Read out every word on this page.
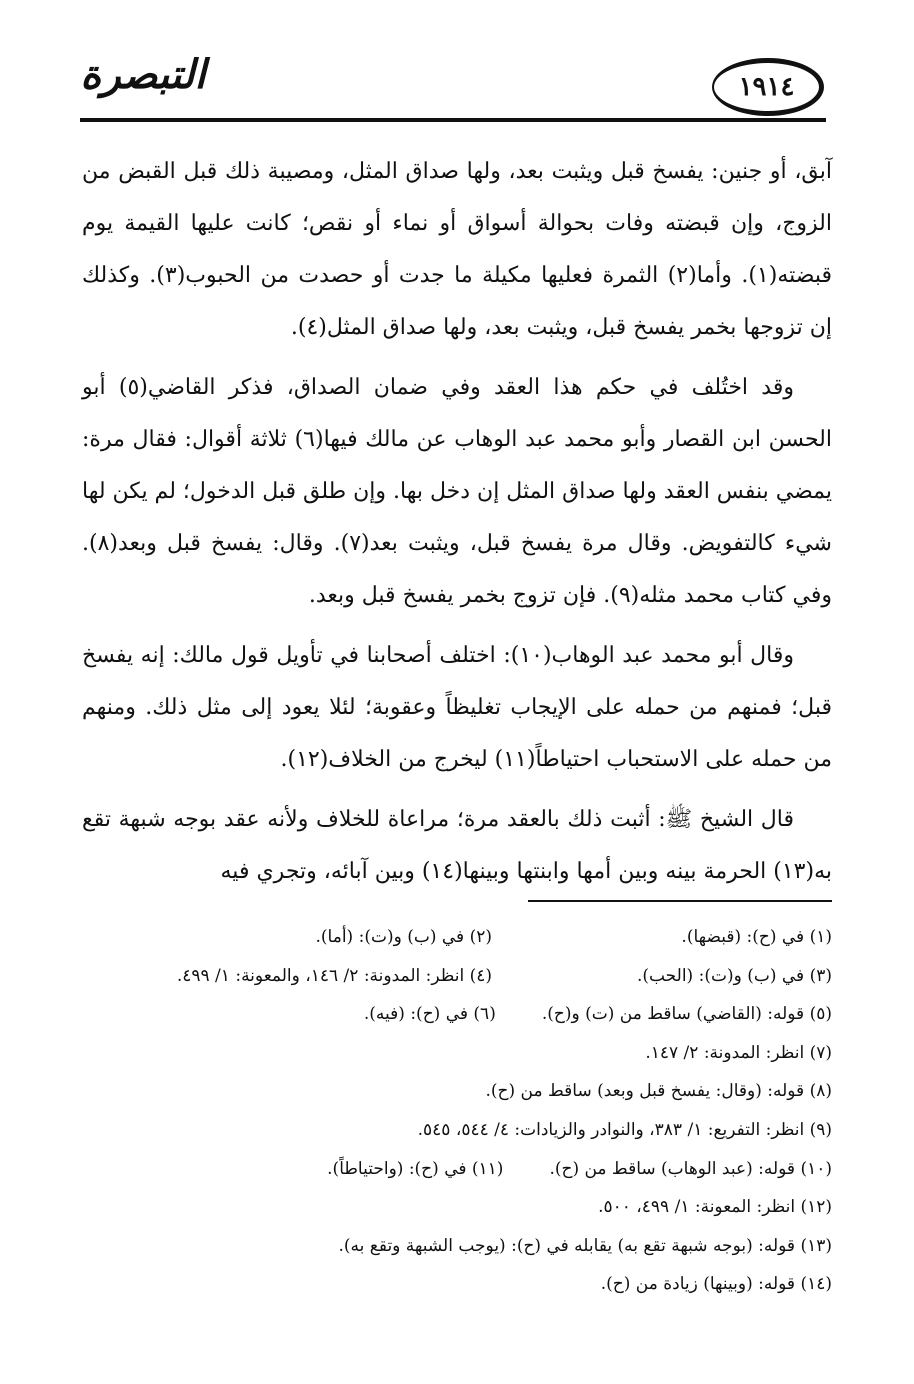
١٩١٤
التبصرة

آبق، أو جنين: يفسخ قبل ويثبت بعد، ولها صداق المثل، ومصيبة ذلك قبل القبض من الزوج، وإن قبضته وفات بحوالة أسواق أو نماء أو نقص؛ كانت عليها القيمة يوم قبضته(١). وأما(٢) الثمرة فعليها مكيلة ما جدت أو حصدت من الحبوب(٣). وكذلك إن تزوجها بخمر يفسخ قبل، ويثبت بعد، ولها صداق المثل(٤).

وقد اختُلف في حكم هذا العقد وفي ضمان الصداق، فذكر القاضي(٥) أبو الحسن ابن القصار وأبو محمد عبد الوهاب عن مالك فيها(٦) ثلاثة أقوال: فقال مرة: يمضي بنفس العقد ولها صداق المثل إن دخل بها. وإن طلق قبل الدخول؛ لم يكن لها شيء كالتفويض. وقال مرة يفسخ قبل، ويثبت بعد(٧). وقال: يفسخ قبل وبعد(٨). وفي كتاب محمد مثله(٩). فإن تزوج بخمر يفسخ قبل وبعد.

وقال أبو محمد عبد الوهاب(١٠): اختلف أصحابنا في تأويل قول مالك: إنه يفسخ قبل؛ فمنهم من حمله على الإيجاب تغليظاً وعقوبة؛ لئلا يعود إلى مثل ذلك. ومنهم من حمله على الاستحباب احتياطاً(١١) ليخرج من الخلاف(١٢).

قال الشيخ ﷺ: أثبت ذلك بالعقد مرة؛ مراعاة للخلاف ولأنه عقد بوجه شبهة تقع به(١٣) الحرمة بينه وبين أمها وابنتها وبينها(١٤) وبين آبائه، وتجري فيه

(١) في (ح): (قبضها).
(٢) في (ب) و(ت): (أما).
(٣) في (ب) و(ت): (الحب).
(٤) انظر: المدونة: ٢/ ١٤٦، والمعونة: ١/ ٤٩٩.
(٥) قوله: (القاضي) ساقط من (ت) و(ح).
(٦) في (ح): (فيه).
(٧) انظر: المدونة: ٢/ ١٤٧.
(٨) قوله: (وقال: يفسخ قبل وبعد) ساقط من (ح).
(٩) انظر: التفريع: ١/ ٣٨٣، والنوادر والزيادات: ٤/ ٥٤٤، ٥٤٥.
(١٠) قوله: (عبد الوهاب) ساقط من (ح).
(١١) في (ح): (واحتياطاً).
(١٢) انظر: المعونة: ١/ ٤٩٩، ٥٠٠.
(١٣) قوله: (بوجه شبهة تقع به) يقابله في (ح): (يوجب الشبهة وتقع به).
(١٤) قوله: (وبينها) زيادة من (ح).
